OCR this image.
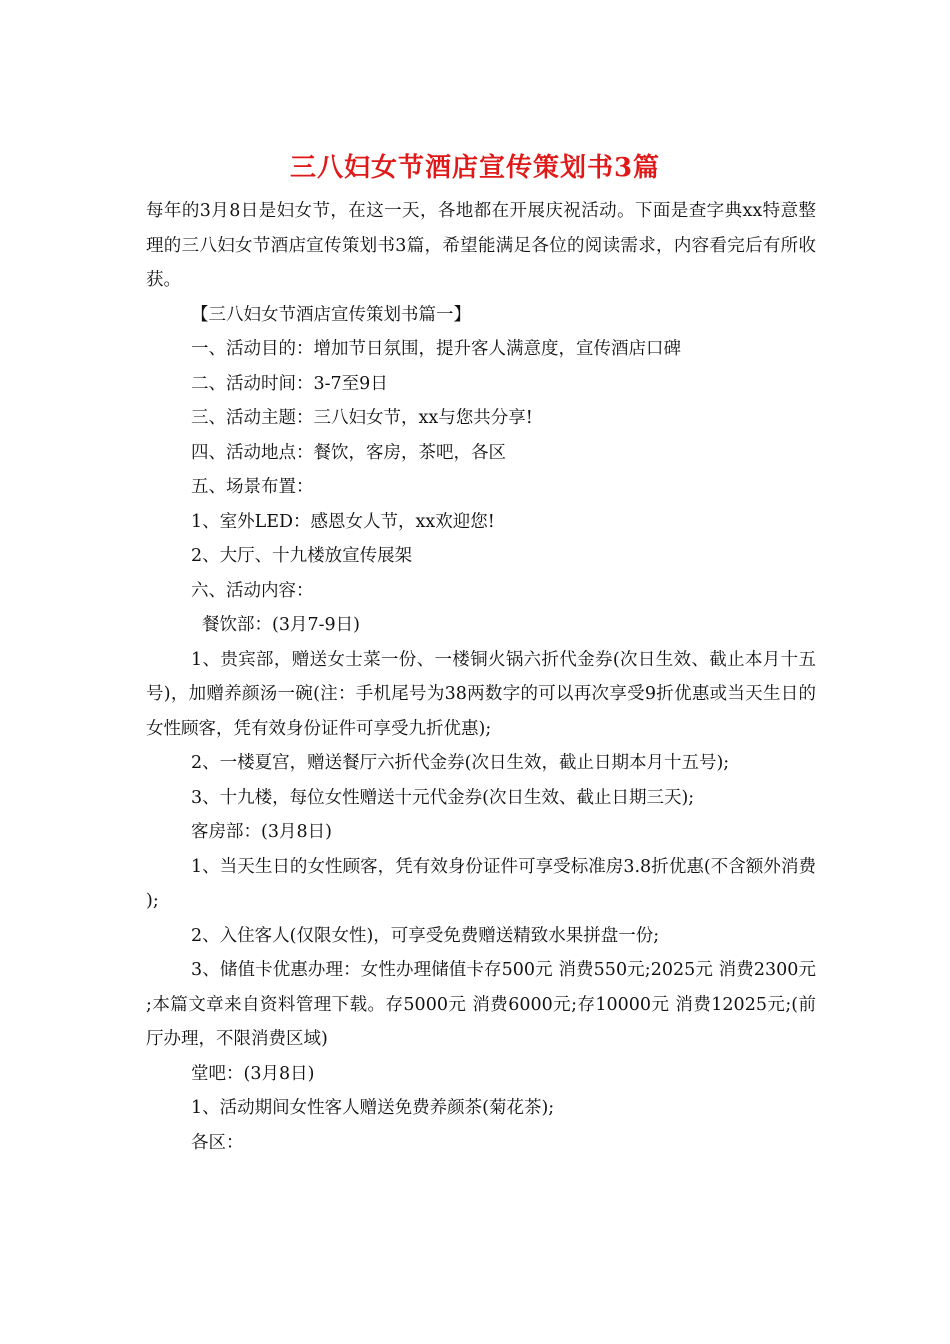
三八妇女节酒店宣传策划书3篇

每年的3月8日是妇女节，在这一天，各地都在开展庆祝活动。下面是查字典xx特意整理的三八妇女节酒店宣传策划书3篇，希望能满足各位的阅读需求，内容看完后有所收获。

【三八妇女节酒店宣传策划书篇一】

一、活动目的：增加节日氛围，提升客人满意度，宣传酒店口碑

二、活动时间：3-7至9日

三、活动主题：三八妇女节，xx与您共分享!

四、活动地点：餐饮，客房，茶吧，各区

五、场景布置：

1、室外LED：感恩女人节，xx欢迎您!

2、大厅、十九楼放宣传展架

六、活动内容：

餐饮部：(3月7-9日)

1、贵宾部，赠送女士菜一份、一楼铜火锅六折代金券(次日生效、截止本月十五号)，加赠养颜汤一碗(注：手机尾号为38两数字的可以再次享受9折优惠或当天生日的女性顾客，凭有效身份证件可享受九折优惠);

2、一楼夏宫，赠送餐厅六折代金券(次日生效，截止日期本月十五号);

3、十九楼，每位女性赠送十元代金券(次日生效、截止日期三天);

客房部：(3月8日)

1、当天生日的女性顾客，凭有效身份证件可享受标准房3.8折优惠(不含额外消费);

2、入住客人(仅限女性)，可享受免费赠送精致水果拼盘一份;

3、储值卡优惠办理：女性办理储值卡存500元 消费550元;2025元 消费2300元;本篇文章来自资料管理下载。存5000元 消费6000元;存10000元 消费12025元;(前厅办理，不限消费区域)

堂吧：(3月8日)

1、活动期间女性客人赠送免费养颜茶(菊花茶);

各区：
